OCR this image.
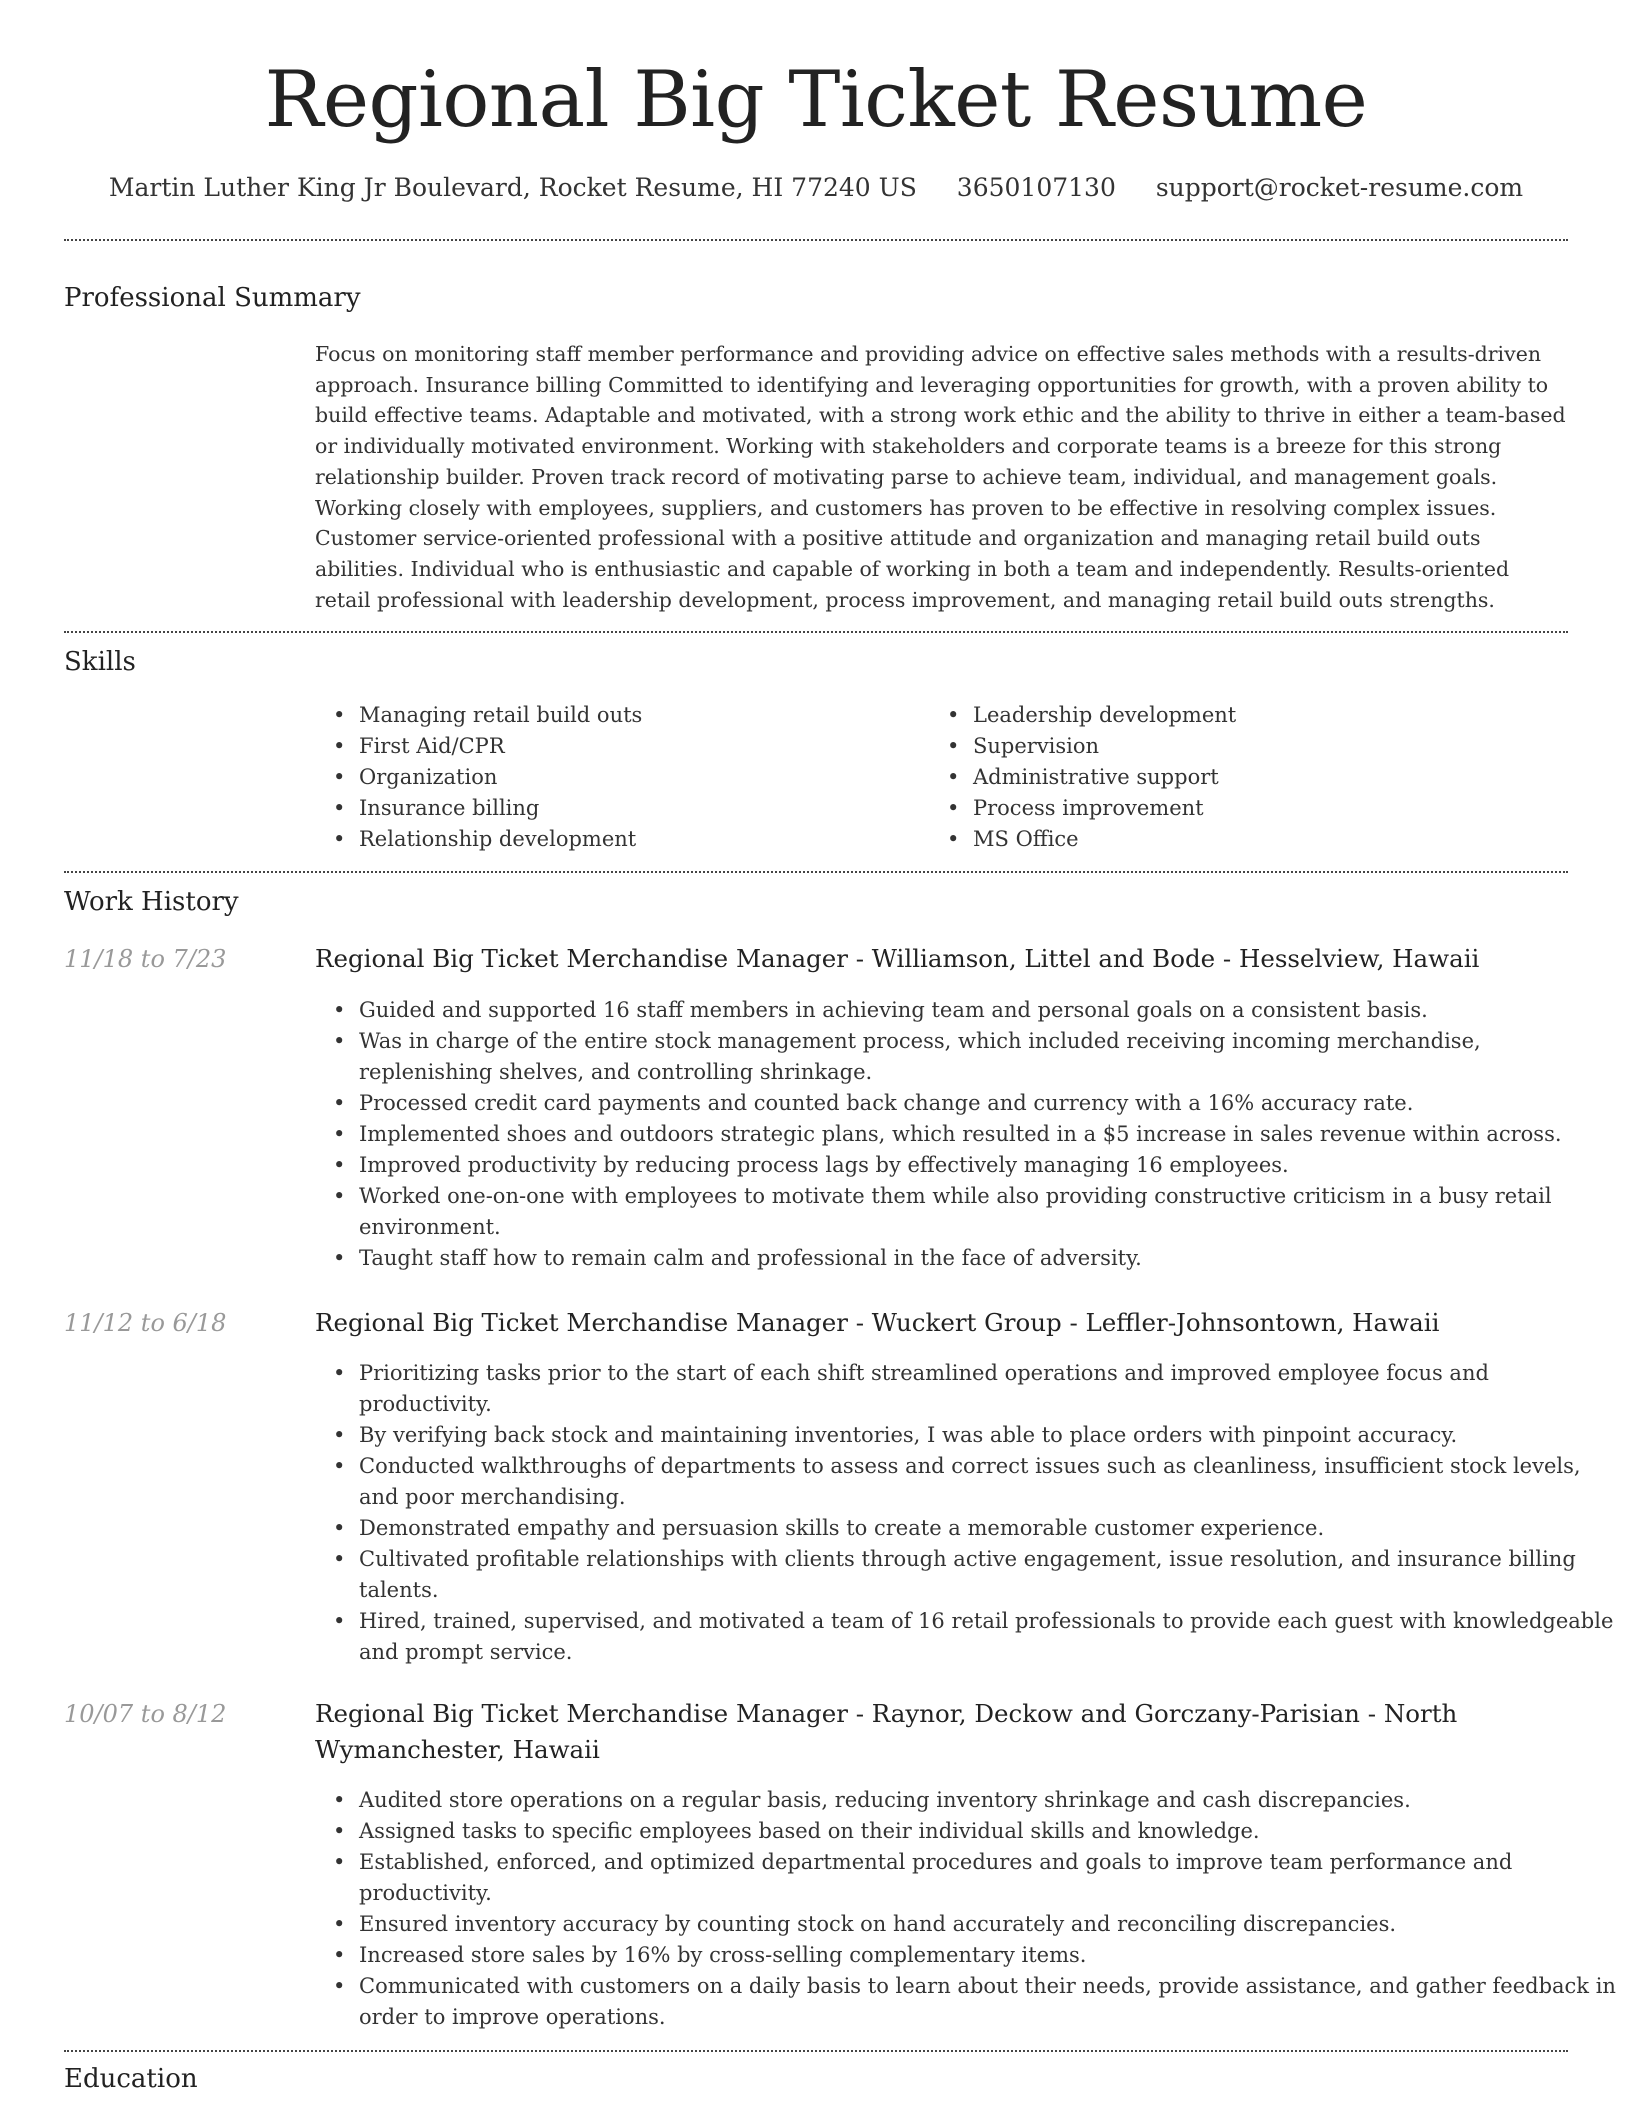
Regional Big Ticket Resume
Martin Luther King Jr Boulevard, Rocket Resume, HI 77240 US 3650107130 support@rocket-resume.com
Professional Summary

Focus on monitoring staff member performance and providing advice on effective sales methods with a results-driven approach. Insurance billing Committed to identifying and leveraging opportunities for growth, with a proven ability to build effective teams. Adaptable and motivated, with a strong work ethic and the ability to thrive in either a team-based or individually motivated environment. Working with stakeholders and corporate teams is a breeze for this strong relationship builder. Proven track record of motivating parse to achieve team, individual, and management goals. Working closely with employees, suppliers, and customers has proven to be effective in resolving complex issues. Customer service-oriented professional with a positive attitude and organization and managing retail build outs abilities. Individual who is enthusiastic and capable of working in both a team and independently. Results-oriented retail professional with leadership development, process improvement, and managing retail build outs strengths.

Skills
• Managing retail build outs
• First Aid/CPR
• Organization
• Insurance billing
• Relationship development
• Leadership development
• Supervision
• Administrative support
• Process improvement
• MS Office
Work History
11/18 to 7/23	Regional Big Ticket Merchandise Manager - Williamson, Littel and Bode - Hesselview, Hawaii
• Guided and supported 16 staff members in achieving team and personal goals on a consistent basis.
• Was in charge of the entire stock management process, which included receiving incoming merchandise, replenishing shelves, and controlling shrinkage.
• Processed credit card payments and counted back change and currency with a 16% accuracy rate.
• Implemented shoes and outdoors strategic plans, which resulted in a $5 increase in sales revenue within across.
• Improved productivity by reducing process lags by effectively managing 16 employees.
• Worked one-on-one with employees to motivate them while also providing constructive criticism in a busy retail environment.
• Taught staff how to remain calm and professional in the face of adversity.
11/12 to 6/18	Regional Big Ticket Merchandise Manager - Wuckert Group - Leffler-Johnsontown, Hawaii
• Prioritizing tasks prior to the start of each shift streamlined operations and improved employee focus and productivity.
• By verifying back stock and maintaining inventories, I was able to place orders with pinpoint accuracy.
• Conducted walkthroughs of departments to assess and correct issues such as cleanliness, insufficient stock levels, and poor merchandising.
• Demonstrated empathy and persuasion skills to create a memorable customer experience.
• Cultivated profitable relationships with clients through active engagement, issue resolution, and insurance billing talents.
• Hired, trained, supervised, and motivated a team of 16 retail professionals to provide each guest with knowledgeable and prompt service.
10/07 to 8/12	Regional Big Ticket Merchandise Manager - Raynor, Deckow and Gorczany-Parisian - North Wymanchester, Hawaii
• Audited store operations on a regular basis, reducing inventory shrinkage and cash discrepancies.
• Assigned tasks to specific employees based on their individual skills and knowledge.
• Established, enforced, and optimized departmental procedures and goals to improve team performance and productivity.
• Ensured inventory accuracy by counting stock on hand accurately and reconciling discrepancies.
• Increased store sales by 16% by cross-selling complementary items.
• Communicated with customers on a daily basis to learn about their needs, provide assistance, and gather feedback in order to improve operations.
Education
